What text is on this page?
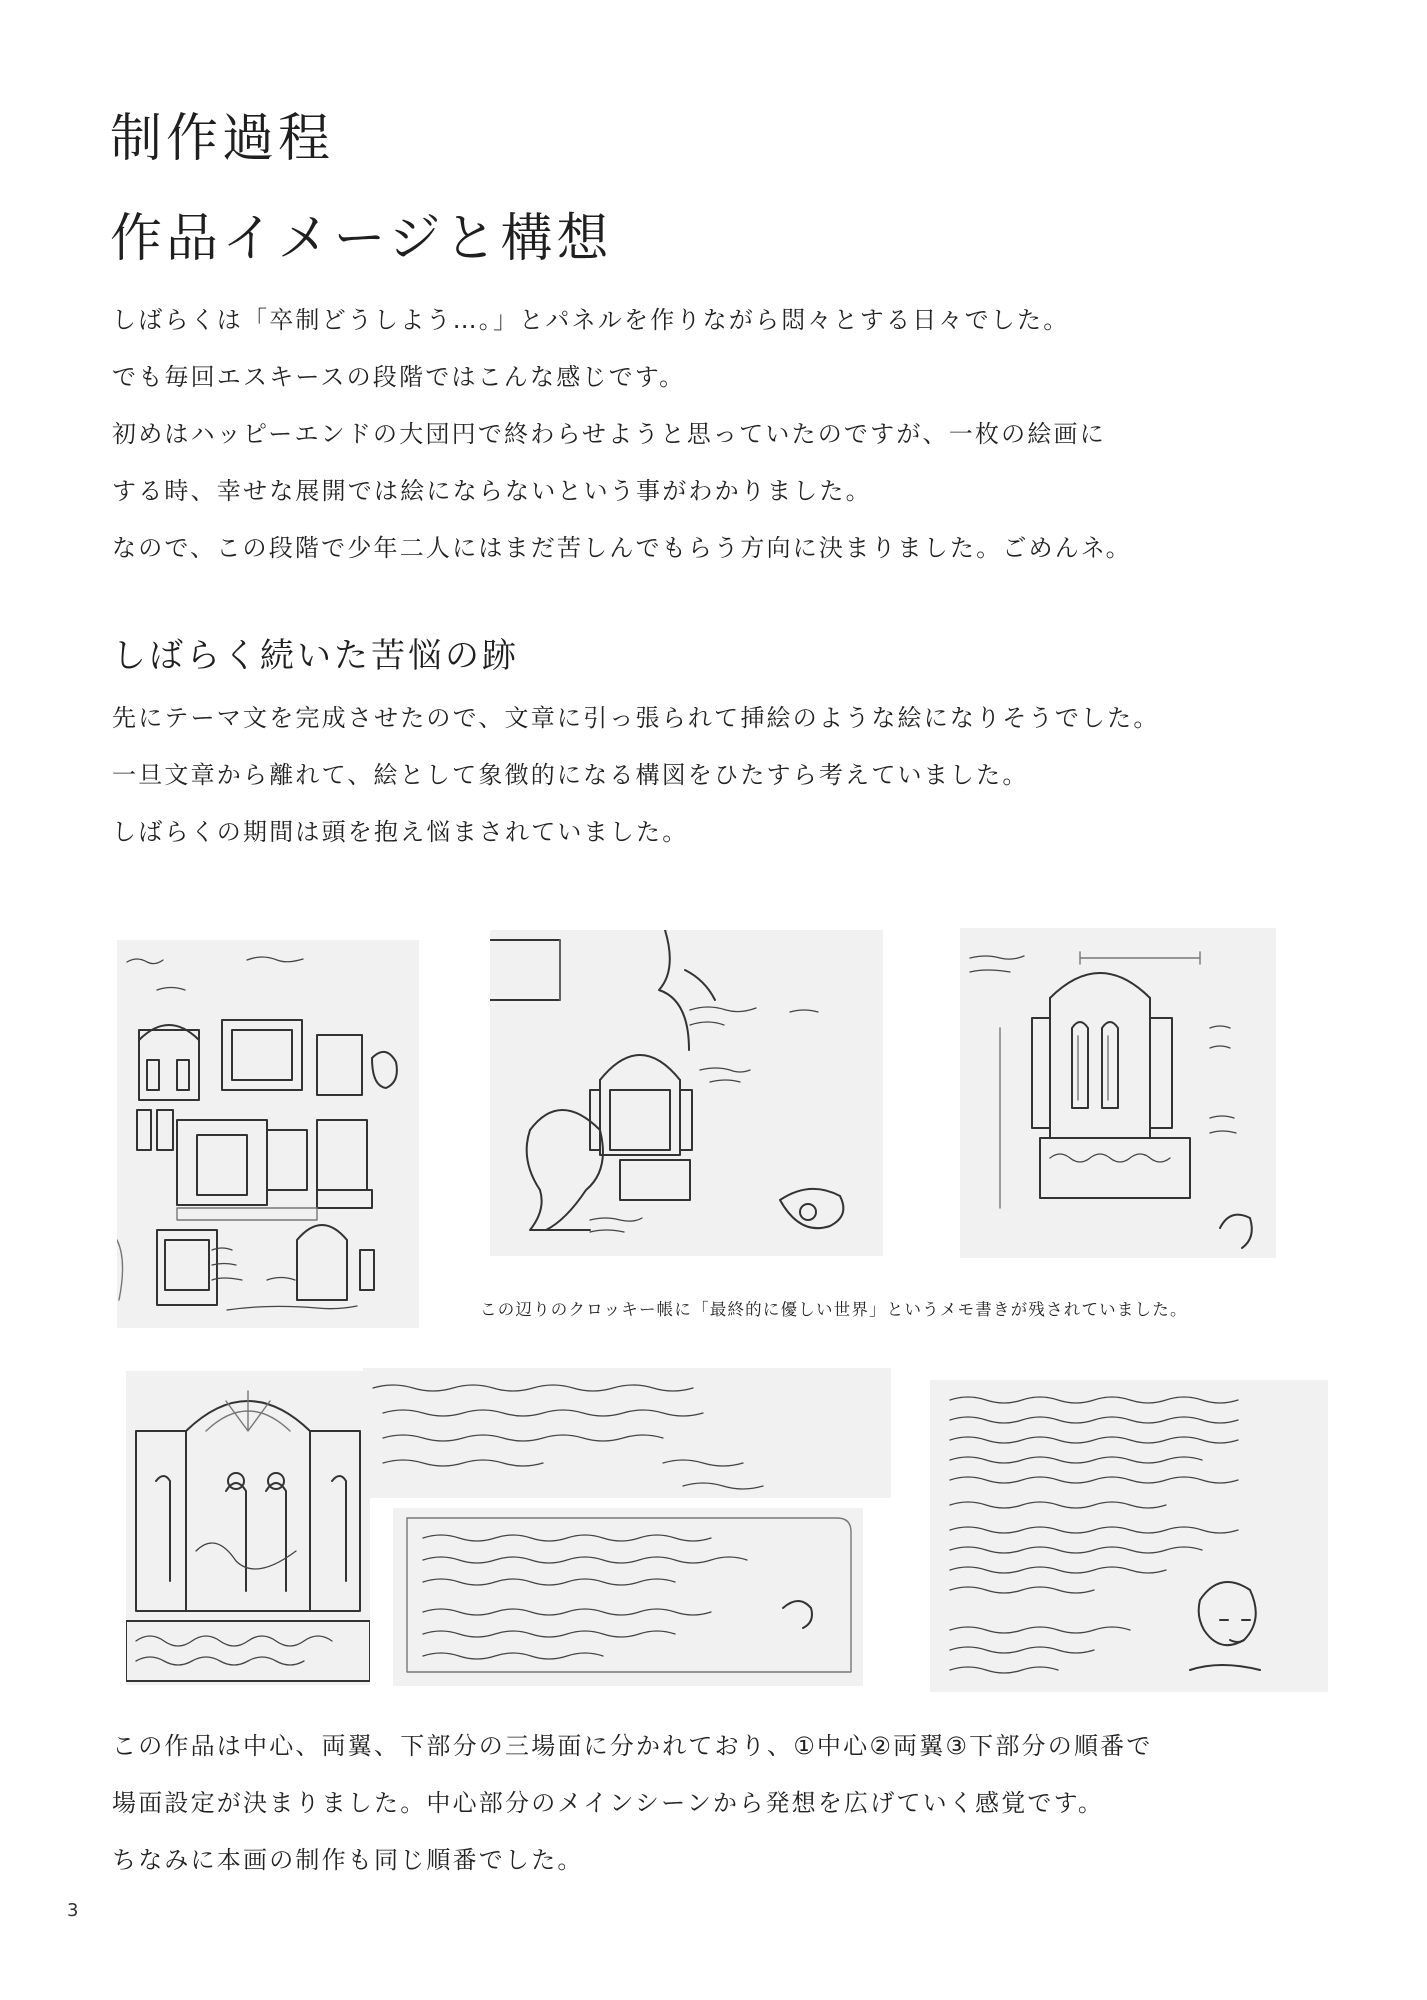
制作過程
作品イメージと構想
しばらくは「卒制どうしよう…。」とパネルを作りながら悶々とする日々でした。
でも毎回エスキースの段階ではこんな感じです。
初めはハッピーエンドの大団円で終わらせようと思っていたのですが、一枚の絵画に
する時、幸せな展開では絵にならないという事がわかりました。
なので、この段階で少年二人にはまだ苦しんでもらう方向に決まりました。ごめんネ。
しばらく続いた苦悩の跡
先にテーマ文を完成させたので、文章に引っ張られて挿絵のような絵になりそうでした。
一旦文章から離れて、絵として象徴的になる構図をひたすら考えていました。
しばらくの期間は頭を抱え悩まされていました。
この辺りのクロッキー帳に「最終的に優しい世界」というメモ書きが残されていました。
この作品は中心、両翼、下部分の三場面に分かれており、①中心②両翼③下部分の順番で
場面設定が決まりました。中心部分のメインシーンから発想を広げていく感覚です。
ちなみに本画の制作も同じ順番でした。
3
